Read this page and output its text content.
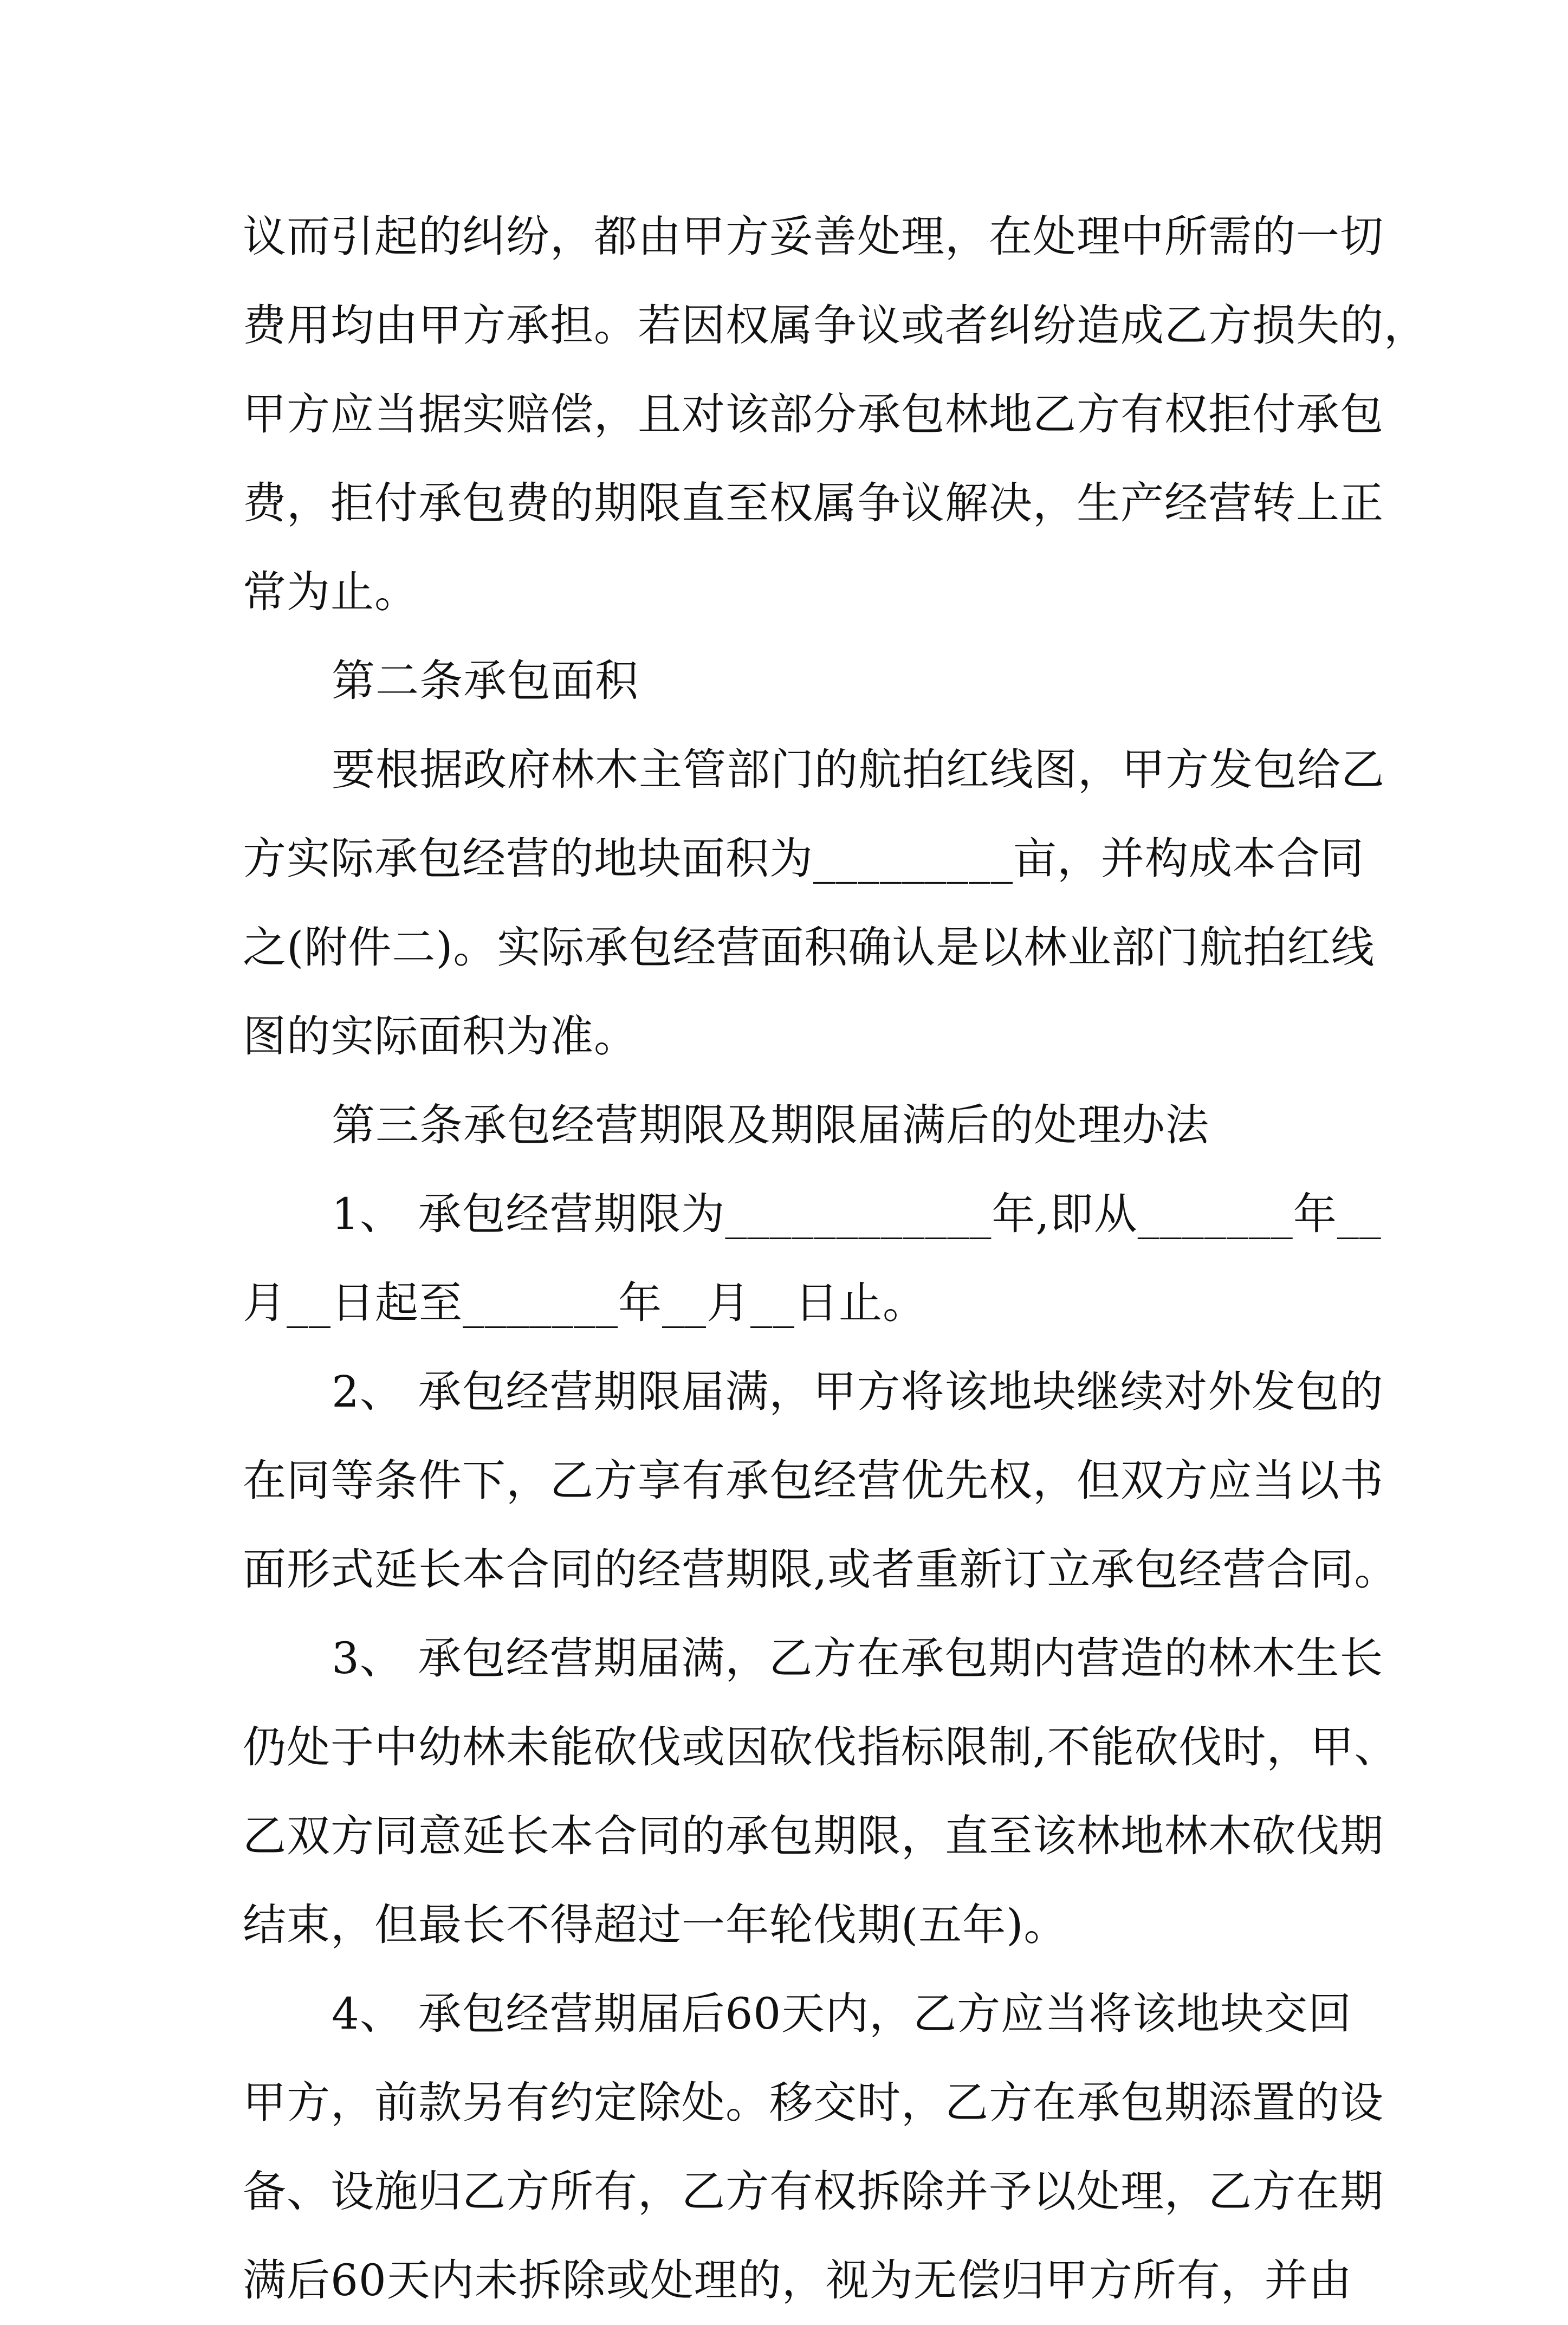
议而引起的纠纷，都由甲方妥善处理，在处理中所需的一切
费用均由甲方承担。若因权属争议或者纠纷造成乙方损失的，
甲方应当据实赔偿，且对该部分承包林地乙方有权拒付承包
费，拒付承包费的期限直至权属争议解决，生产经营转上正
常为止。
第二条承包面积
要根据政府林木主管部门的航拍红线图，甲方发包给乙
方实际承包经营的地块面积为_________亩，并构成本合同
之(附件二)。实际承包经营面积确认是以林业部门航拍红线
图的实际面积为准。
第三条承包经营期限及期限届满后的处理办法
1、 承包经营期限为____________年,即从_______年__
月__日起至_______年__月__日止。
2、 承包经营期限届满，甲方将该地块继续对外发包的
在同等条件下，乙方享有承包经营优先权，但双方应当以书
面形式延长本合同的经营期限,或者重新订立承包经营合同。
3、 承包经营期届满，乙方在承包期内营造的林木生长
仍处于中幼林未能砍伐或因砍伐指标限制,不能砍伐时，甲、
乙双方同意延长本合同的承包期限，直至该林地林木砍伐期
结束，但最长不得超过一年轮伐期(五年)。
4、 承包经营期届后60天内，乙方应当将该地块交回
甲方，前款另有约定除处。移交时，乙方在承包期添置的设
备、设施归乙方所有，乙方有权拆除并予以处理，乙方在期
满后60天内未拆除或处理的，视为无偿归甲方所有，并由
